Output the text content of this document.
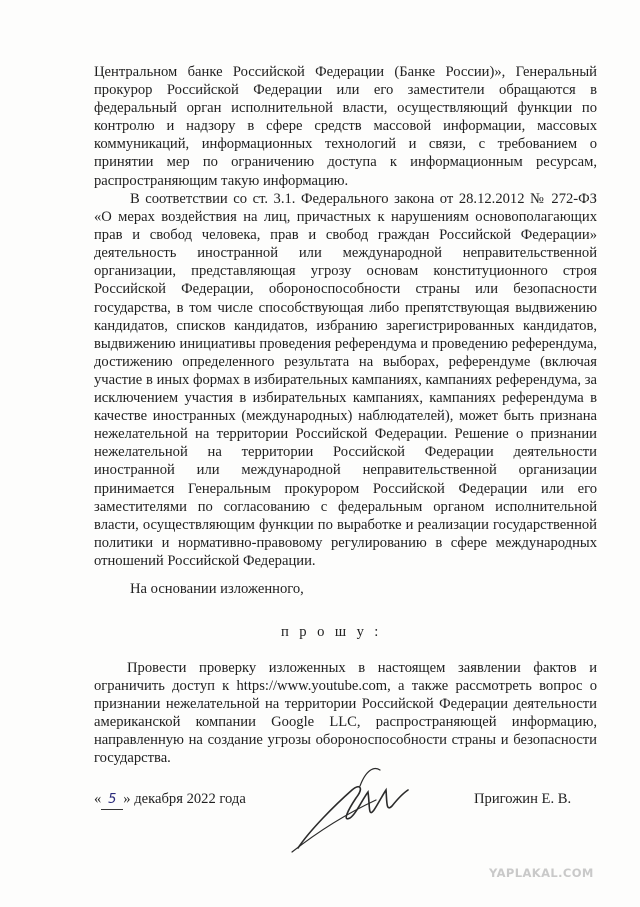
Центральном банке Российской Федерации (Банке России)», Генеральный прокурор Российской Федерации или его заместители обращаются в федеральный орган исполнительной власти, осуществляющий функции по контролю и надзору в сфере средств массовой информации, массовых коммуникаций, информационных технологий и связи, с требованием о принятии мер по ограничению доступа к информационным ресурсам, распространяющим такую информацию.

В соответствии со ст. 3.1. Федерального закона от 28.12.2012 № 272-ФЗ «О мерах воздействия на лиц, причастных к нарушениям основополагающих прав и свобод человека, прав и свобод граждан Российской Федерации» деятельность иностранной или международной неправительственной организации, представляющая угрозу основам конституционного строя Российской Федерации, обороноспособности страны или безопасности государства, в том числе способствующая либо препятствующая выдвижению кандидатов, списков кандидатов, избранию зарегистрированных кандидатов, выдвижению инициативы проведения референдума и проведению референдума, достижению определенного результата на выборах, референдуме (включая участие в иных формах в избирательных кампаниях, кампаниях референдума, за исключением участия в избирательных кампаниях, кампаниях референдума в качестве иностранных (международных) наблюдателей), может быть признана нежелательной на территории Российской Федерации. Решение о признании нежелательной на территории Российской Федерации деятельности иностранной или международной неправительственной организации принимается Генеральным прокурором Российской Федерации или его заместителями по согласованию с федеральным органом исполнительной власти, осуществляющим функции по выработке и реализации государственной политики и нормативно-правовому регулированию в сфере международных отношений Российской Федерации.

На основании изложенного,

прошу:

Провести проверку изложенных в настоящем заявлении фактов и ограничить доступ к https://www.youtube.com, а также рассмотреть вопрос о признании нежелательной на территории Российской Федерации деятельности американской компании Google LLC, распространяющей информацию, направленную на создание угрозы обороноспособности страны и безопасности государства.

« 5 » декабря 2022 года	Пригожин Е. В.
YAPLAKAL.COM
